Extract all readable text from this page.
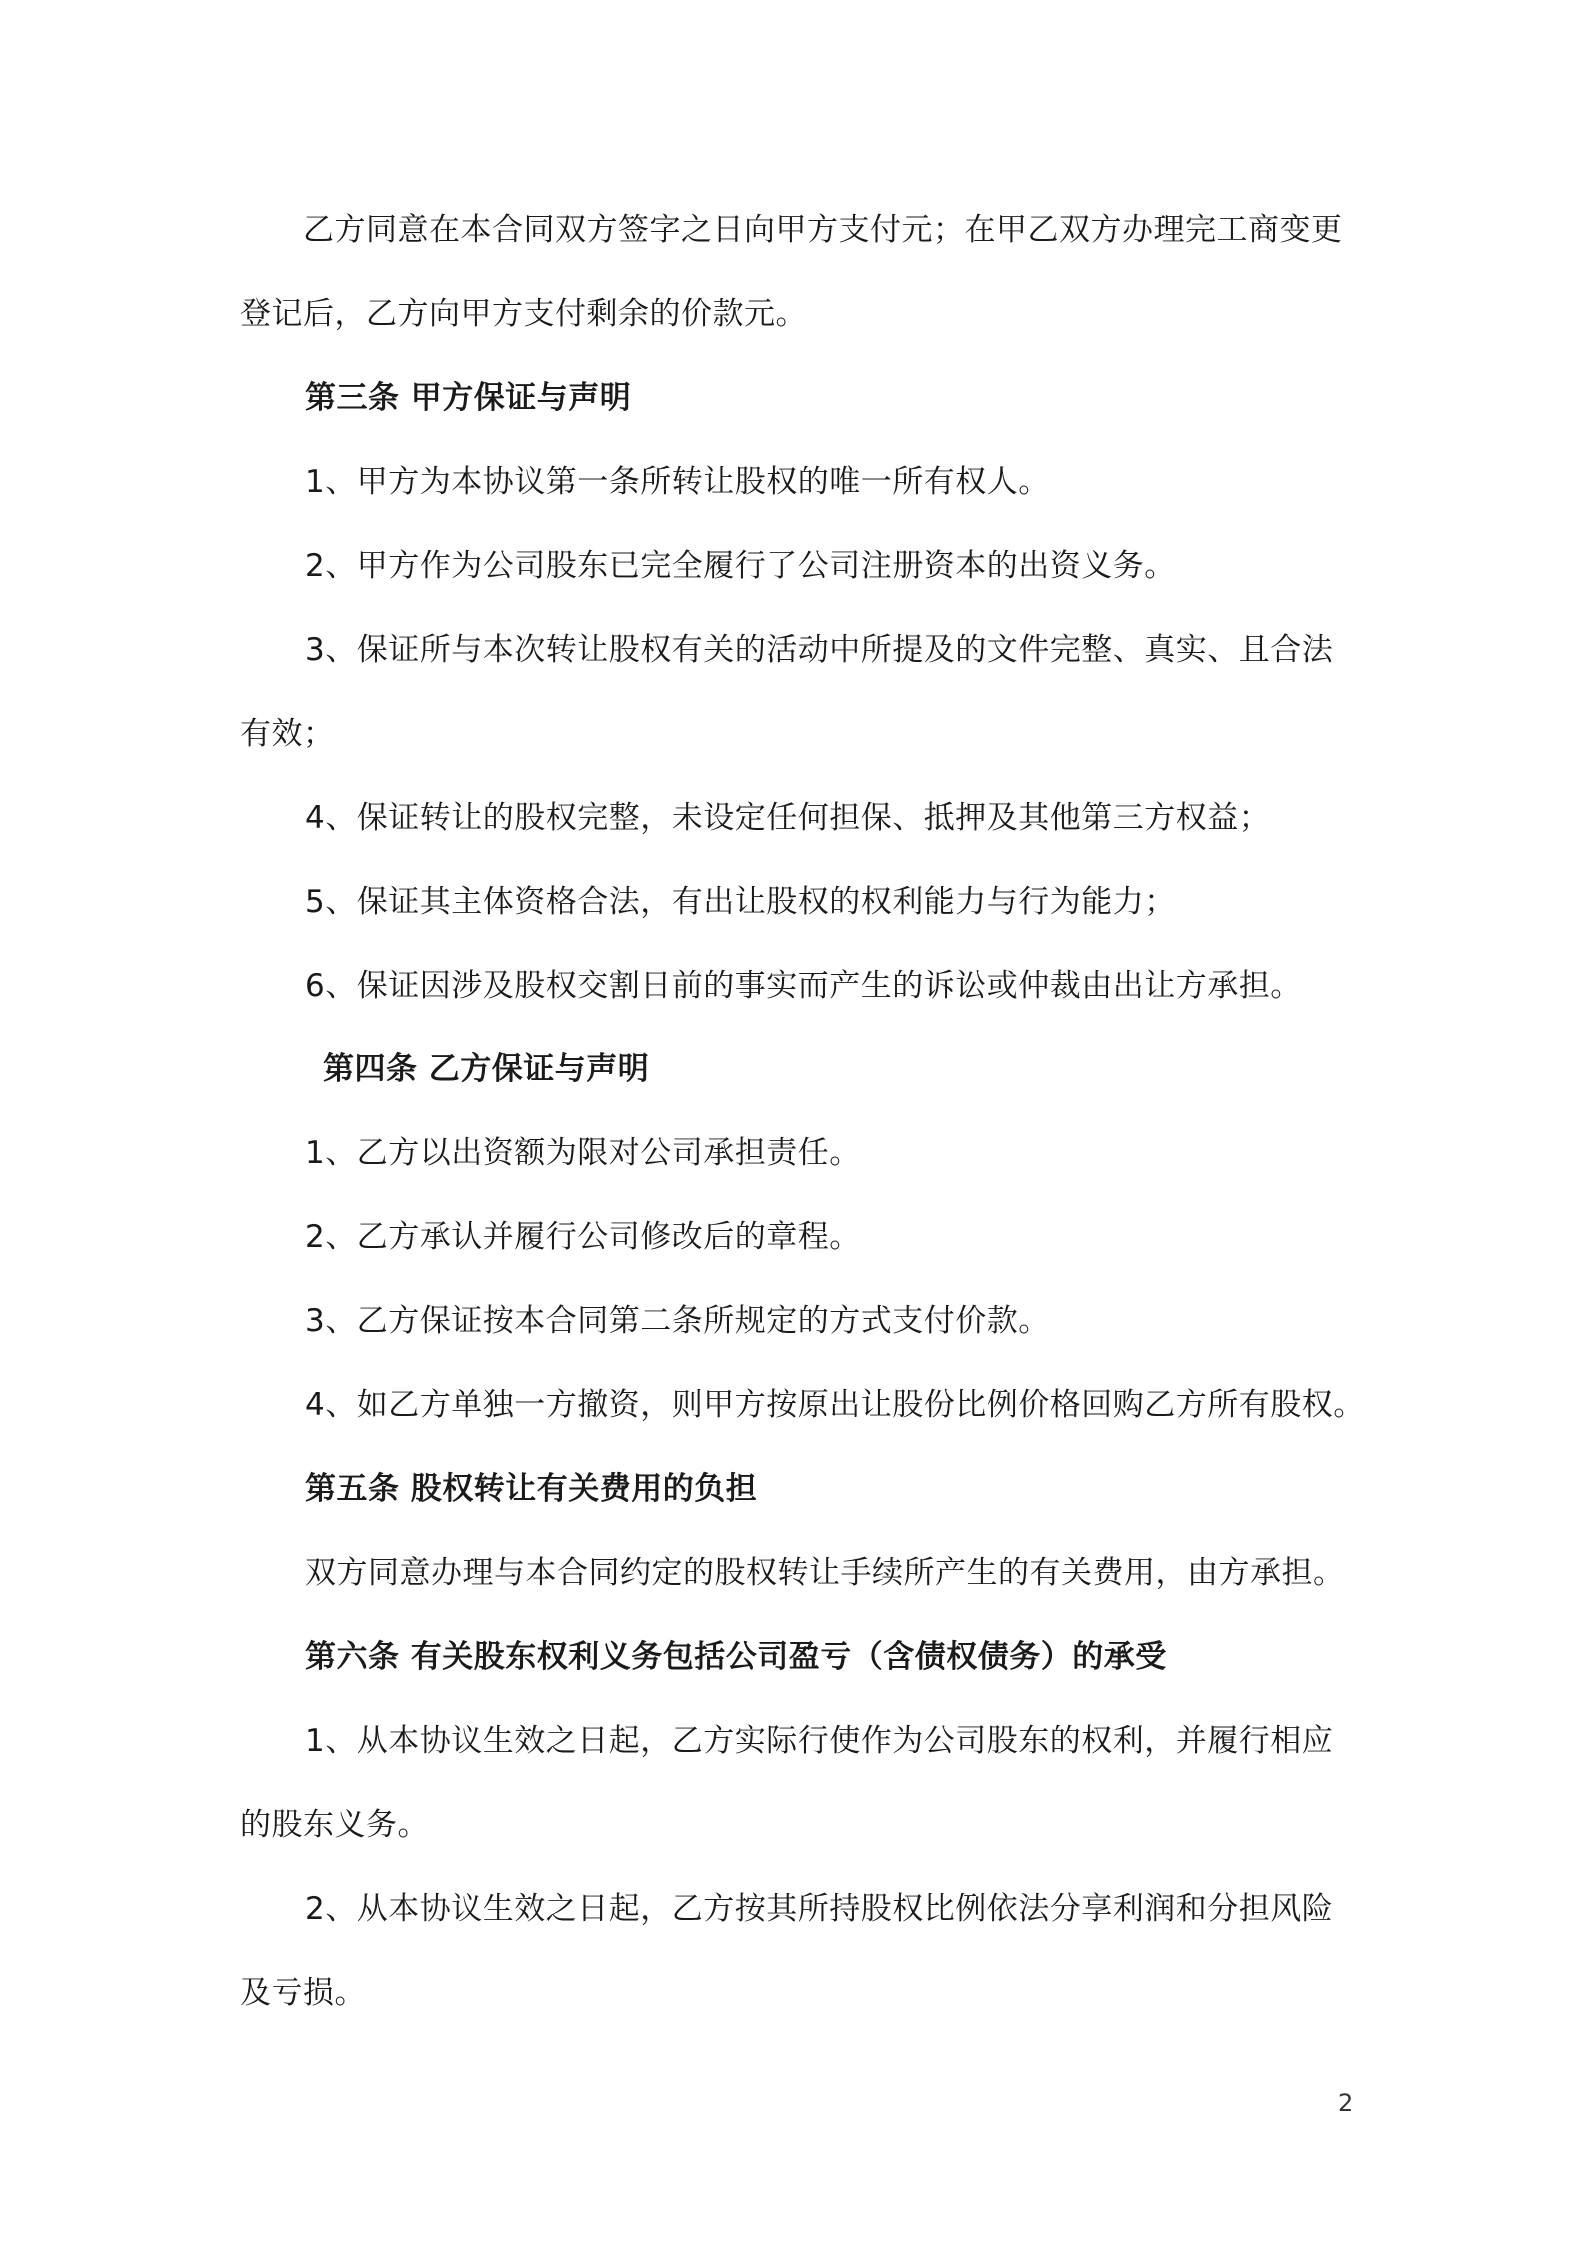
乙方同意在本合同双方签字之日向甲方支付元；在甲乙双方办理完工商变更
登记后，乙方向甲方支付剩余的价款元。
第三条 甲方保证与声明
1、甲方为本协议第一条所转让股权的唯一所有权人。
2、甲方作为公司股东已完全履行了公司注册资本的出资义务。
3、保证所与本次转让股权有关的活动中所提及的文件完整、真实、且合法
有效；
4、保证转让的股权完整，未设定任何担保、抵押及其他第三方权益；
5、保证其主体资格合法，有出让股权的权利能力与行为能力；
6、保证因涉及股权交割日前的事实而产生的诉讼或仲裁由出让方承担。
第四条 乙方保证与声明
1、乙方以出资额为限对公司承担责任。
2、乙方承认并履行公司修改后的章程。
3、乙方保证按本合同第二条所规定的方式支付价款。
4、如乙方单独一方撤资，则甲方按原出让股份比例价格回购乙方所有股权。
第五条 股权转让有关费用的负担
双方同意办理与本合同约定的股权转让手续所产生的有关费用，由方承担。
第六条 有关股东权利义务包括公司盈亏（含债权债务）的承受
1、从本协议生效之日起，乙方实际行使作为公司股东的权利，并履行相应
的股东义务。
2、从本协议生效之日起，乙方按其所持股权比例依法分享利润和分担风险
及亏损。
2
